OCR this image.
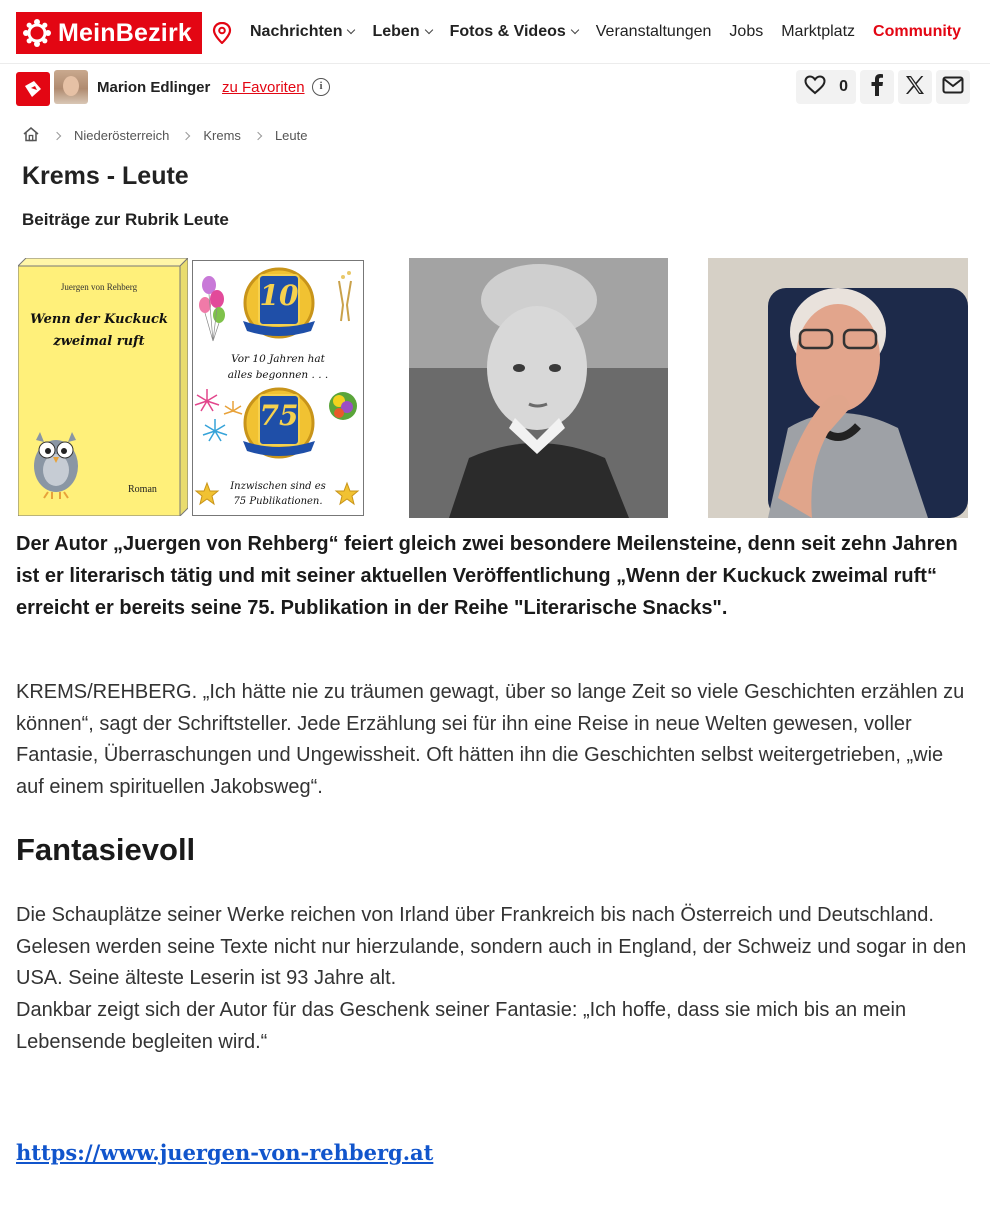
MeinBezirk	Nachrichten Leben Fotos & Videos Veranstaltungen Jobs Marktplatz Community
Marion Edlinger zu Favoriten	i	0
Niederösterreich	Krems	Leute
Krems - Leute
Beiträge zur Rubrik Leute
Juergen von Rehberg
Wenn der Kuckuck
zweimal ruft
Roman
10
Vor 10 Jahren hat
alles begonnen . . .
75
Inzwischen sind es
75 Publikationen.

Der Autor „Juergen von Rehberg“ feiert gleich zwei besondere Meilensteine, denn seit zehn Jahren ist er literarisch tätig und mit seiner aktuellen Veröffentlichung „Wenn der Kuckuck zweimal ruft“ erreicht er bereits seine 75. Publikation in der Reihe "Literarische Snacks".

KREMS/REHBERG. „Ich hätte nie zu träumen gewagt, über so lange Zeit so viele Geschichten erzählen zu können“, sagt der Schriftsteller. Jede Erzählung sei für ihn eine Reise in neue Welten gewesen, voller Fantasie, Überraschungen und Ungewissheit. Oft hätten ihn die Geschichten selbst weitergetrieben, „wie auf einem spirituellen Jakobsweg“.

Fantasievoll

Die Schauplätze seiner Werke reichen von Irland über Frankreich bis nach Österreich und Deutschland. Gelesen werden seine Texte nicht nur hierzulande, sondern auch in England, der Schweiz und sogar in den USA. Seine älteste Leserin ist 93 Jahre alt.

Dankbar zeigt sich der Autor für das Geschenk seiner Fantasie: „Ich hoffe, dass sie mich bis an mein Lebensende begleiten wird.“

https://www.juergen-von-rehberg.at
